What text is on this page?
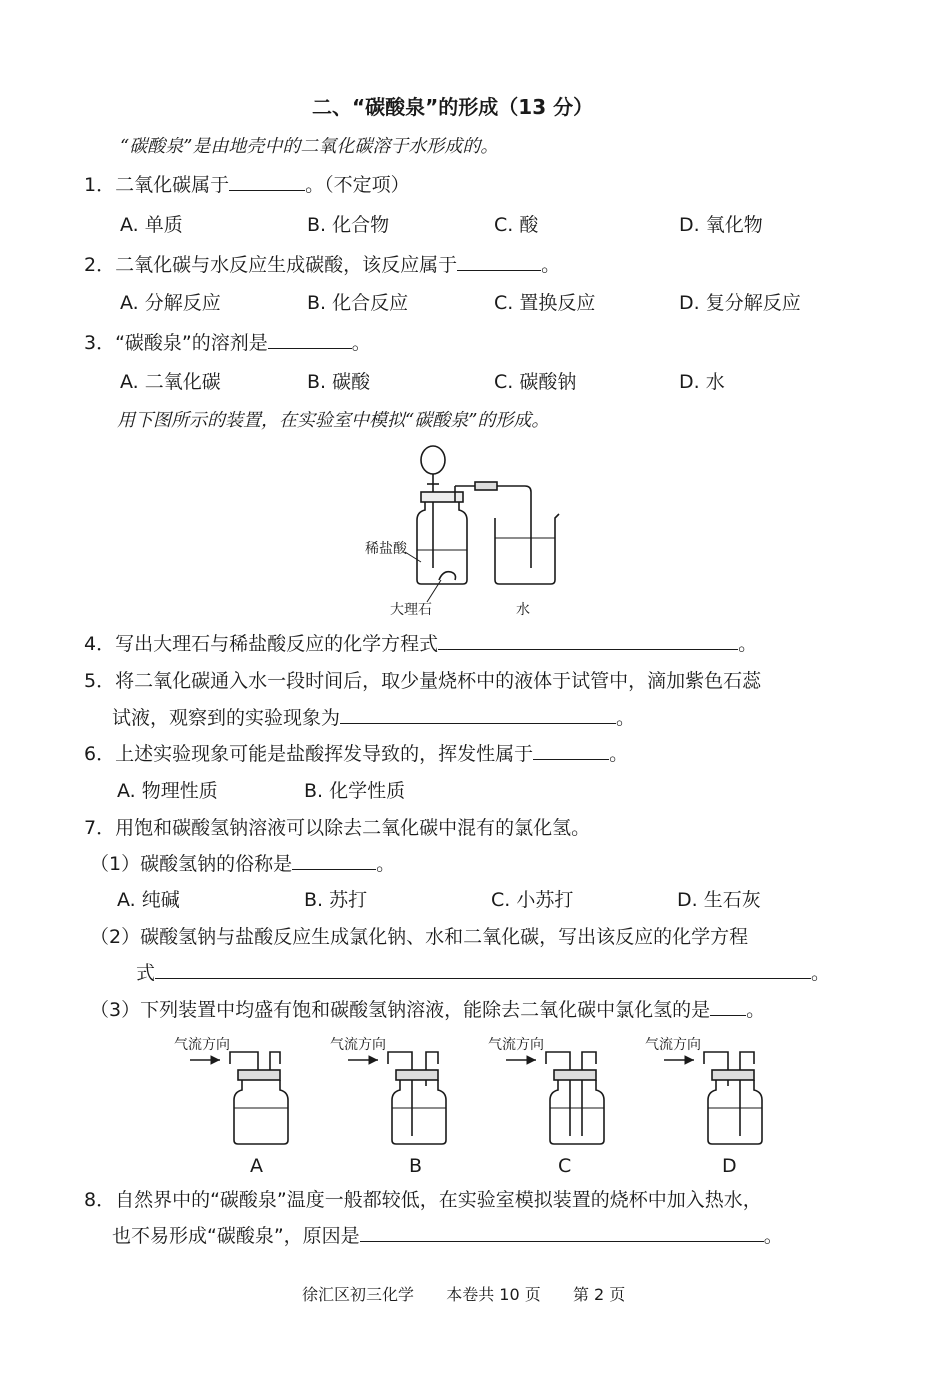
二、“碳酸泉”的形成（13 分）
“碳酸泉”是由地壳中的二氧化碳溶于水形成的。
1．二氧化碳属于	。（不定项）
A. 单质	B. 化合物	C. 酸	D. 氧化物
2．二氧化碳与水反应生成碳酸，该反应属于	。
A. 分解反应	B. 化合反应	C. 置换反应	D. 复分解反应
3．“碳酸泉”的溶剂是	。
A. 二氧化碳	B. 碳酸	C. 碳酸钠	D. 水
用下图所示的装置，在实验室中模拟“碳酸泉”的形成。
稀盐酸
大理石	水
4．写出大理石与稀盐酸反应的化学方程式	。
5．将二氧化碳通入水一段时间后，取少量烧杯中的液体于试管中，滴加紫色石蕊
试液，观察到的实验现象为	。
6．上述实验现象可能是盐酸挥发导致的，挥发性属于	。
A. 物理性质	B. 化学性质
7．用饱和碳酸氢钠溶液可以除去二氧化碳中混有的氯化氢。
（1）碳酸氢钠的俗称是	。
A. 纯碱	B. 苏打	C. 小苏打	D. 生石灰
（2）碳酸氢钠与盐酸反应生成氯化钠、水和二氧化碳，写出该反应的化学方程
式	。
（3）下列装置中均盛有饱和碳酸氢钠溶液，能除去二氧化碳中氯化氢的是 。
气流方向	气流方向	气流方向	气流方向
A	B	C	D
8．自然界中的“碳酸泉”温度一般都较低，在实验室模拟装置的烧杯中加入热水，
也不易形成“碳酸泉”，原因是	。
徐汇区初三化学 本卷共 10 页 第 2 页
